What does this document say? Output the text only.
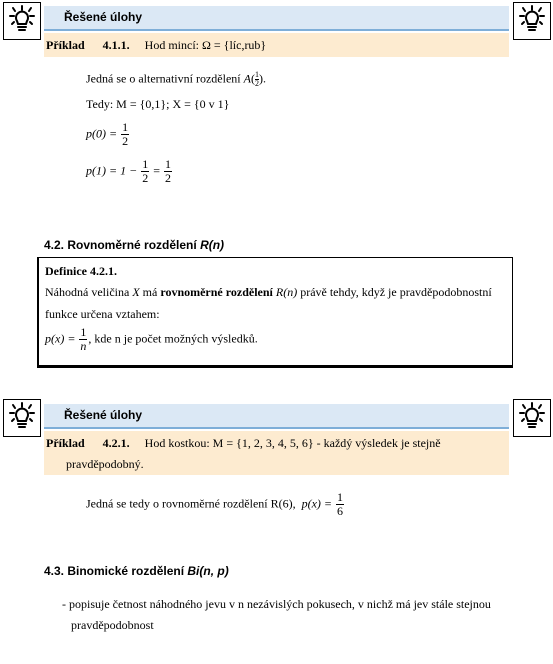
Řešené úlohy
Příklad 4.1.1. Hod mincí: Ω = {líc,rub}
Jedná se o alternativní rozdělení $A( \frac{1}{2}$ ).
Tedy: M = {0,1}; X = {0 v 1}
$p(0) = \frac{1}{2}$
$p(1) = 1 - \frac{1}{2} = \frac{1}{2}$
4.2. Rovnoměrné rozdělení R(n)
Definice 4.2.1.
Náhodná veličina X má rovnoměrné rozdělení R(n) právě tehdy, když je pravděpodobnostní
funkce určena vztahem:
$p(x) = \frac{1}{n}$ , kde n je počet možných výsledků.
Řešené úlohy
Příklad 4.2.1. Hod kostkou: M = {1, 2, 3, 4, 5, 6} - každý výsledek je stejně
pravděpodobný.
Jedná se tedy o rovnoměrné rozdělení R(6), $p(x) = \frac{1}{6}$
4.3. Binomické rozdělení Bi(n, p)
- popisuje četnost náhodného jevu v n nezávislých pokusech, v nichž má jev stále stejnou
pravděpodobnost
